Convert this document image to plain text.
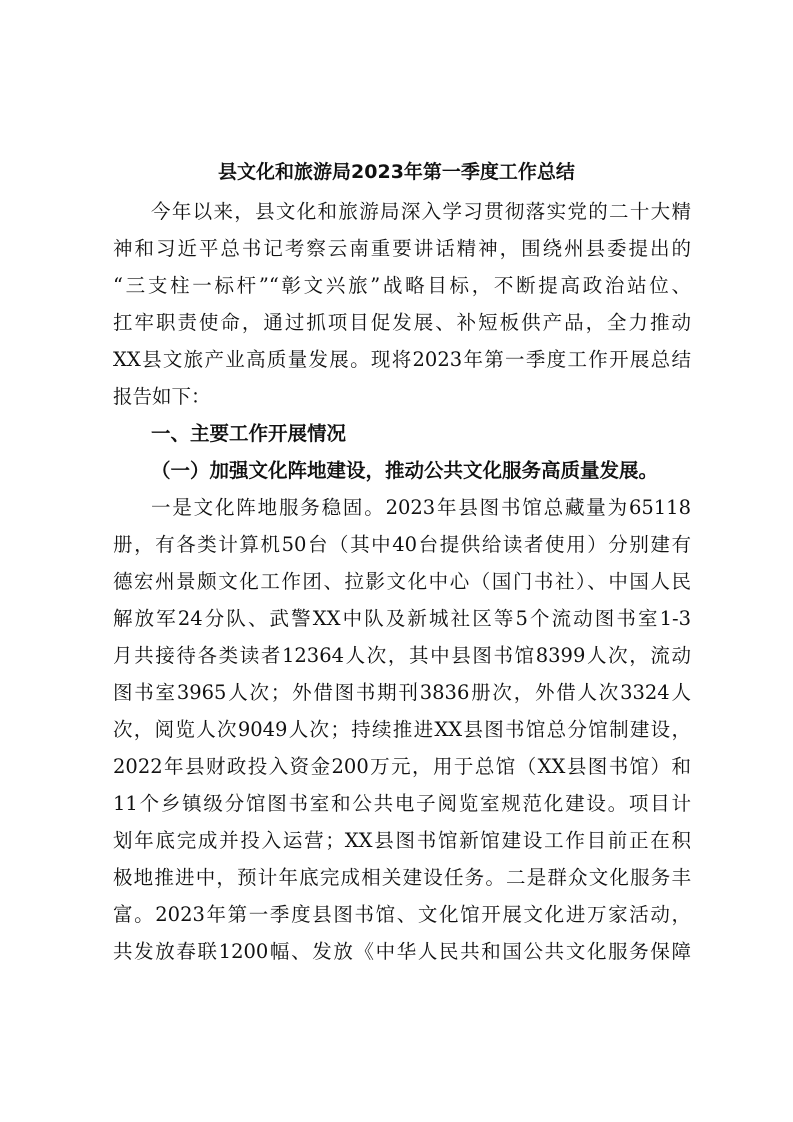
县文化和旅游局2023年第一季度工作总结
今年以来，县文化和旅游局深入学习贯彻落实党的二十大精
神和习近平总书记考察云南重要讲话精神，围绕州县委提出的
“三支柱一标杆”“彰文兴旅”战略目标，不断提高政治站位、
扛牢职责使命，通过抓项目促发展、补短板供产品，全力推动
XX县文旅产业高质量发展。现将2023年第一季度工作开展总结
报告如下：
一、主要工作开展情况
（一）加强文化阵地建设，推动公共文化服务高质量发展。
一是文化阵地服务稳固。2023年县图书馆总藏量为65118
册，有各类计算机50台（其中40台提供给读者使用）分别建有
德宏州景颇文化工作团、拉影文化中心（国门书社）、中国人民
解放军24分队、武警XX中队及新城社区等5个流动图书室1-3
月共接待各类读者12364人次，其中县图书馆8399人次，流动
图书室3965人次；外借图书期刊3836册次，外借人次3324人
次，阅览人次9049人次；持续推进XX县图书馆总分馆制建设，
2022年县财政投入资金200万元，用于总馆（XX县图书馆）和
11个乡镇级分馆图书室和公共电子阅览室规范化建设。项目计
划年底完成并投入运营；XX县图书馆新馆建设工作目前正在积
极地推进中，预计年底完成相关建设任务。二是群众文化服务丰
富。2023年第一季度县图书馆、文化馆开展文化进万家活动，
共发放春联1200幅、发放《中华人民共和国公共文化服务保障
